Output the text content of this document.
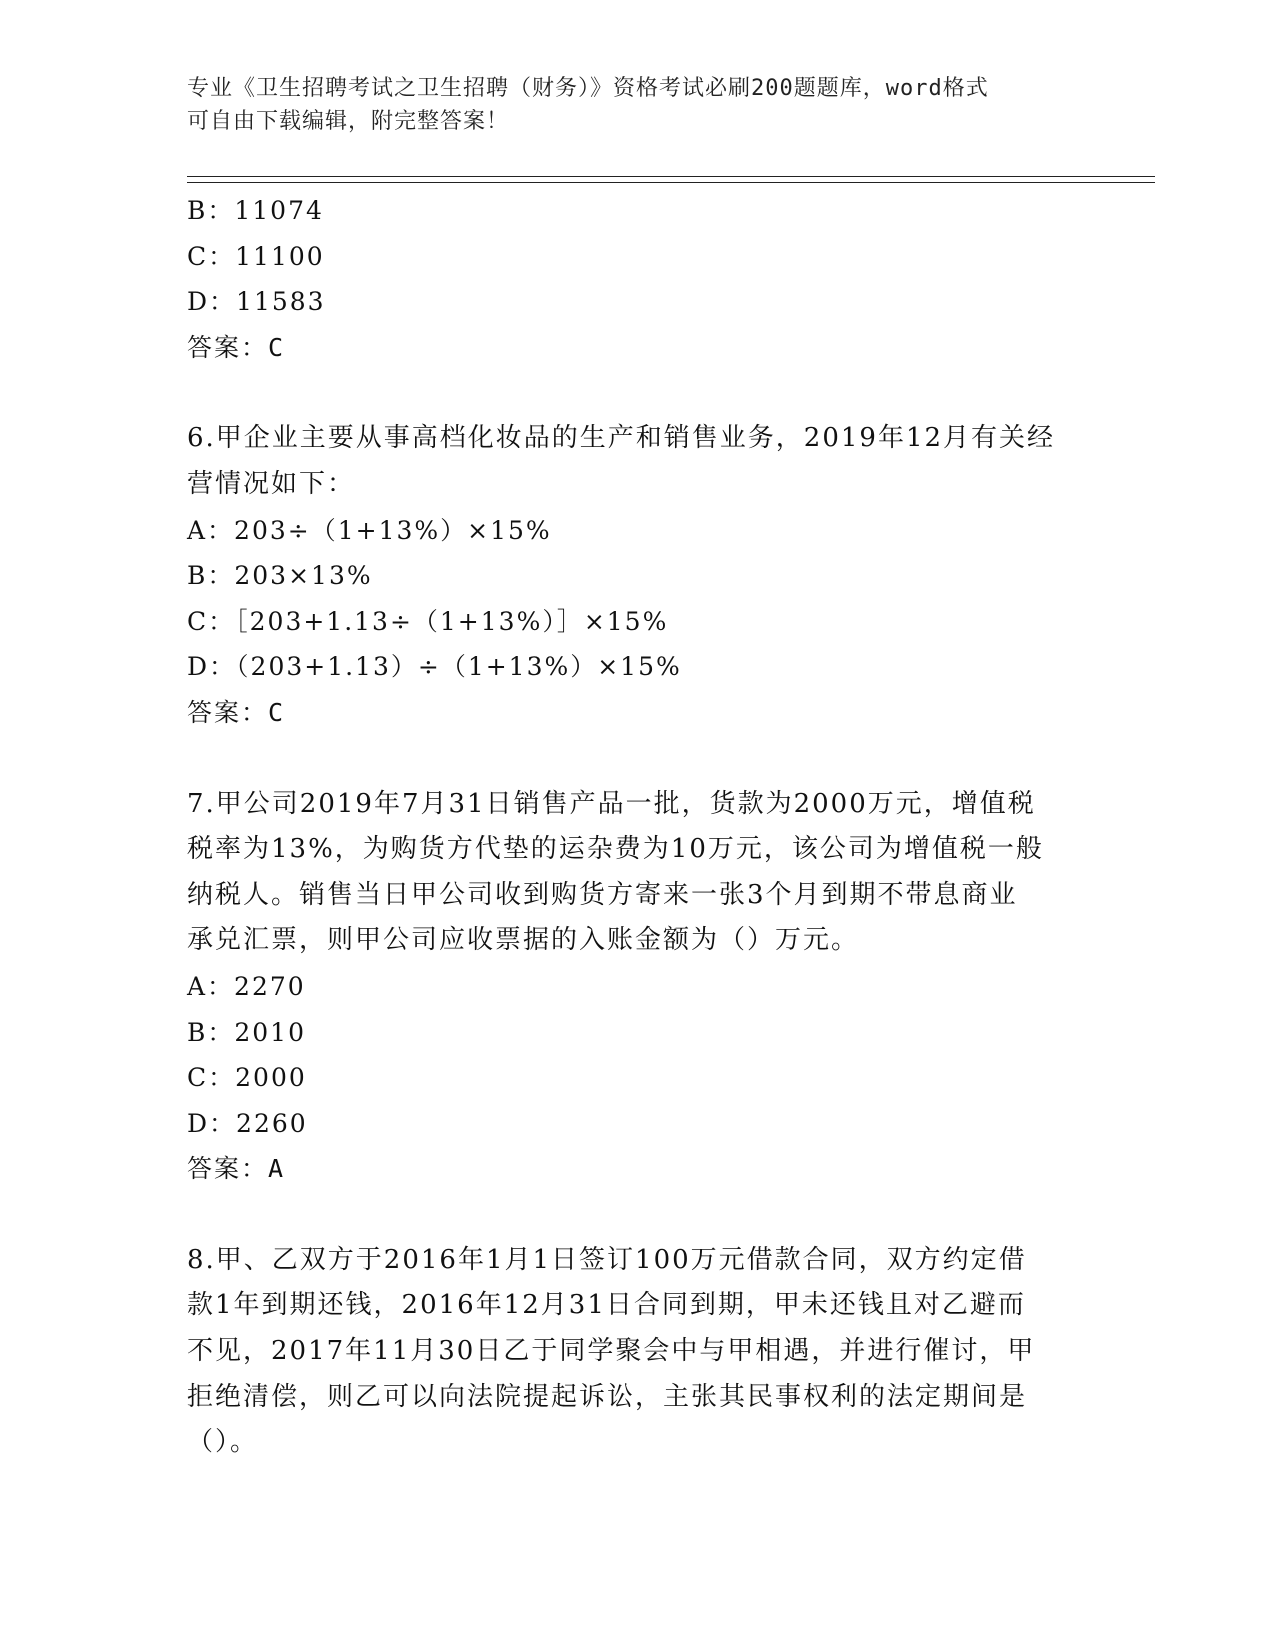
专业《卫生招聘考试之卫生招聘（财务）》资格考试必刷200题题库，word格式
可自由下载编辑，附完整答案！
B：11074
C：11100
D：11583
答案：C
6.甲企业主要从事高档化妆品的生产和销售业务，2019年12月有关经
营情况如下：
A：203÷（1+13%）×15%
B：203×13%
C：［203+1.13÷（1+13%）］×15%
D：（203+1.13）÷（1+13%）×15%
答案：C
7.甲公司2019年7月31日销售产品一批，货款为2000万元，增值税
税率为13%，为购货方代垫的运杂费为10万元，该公司为增值税一般
纳税人。销售当日甲公司收到购货方寄来一张3个月到期不带息商业
承兑汇票，则甲公司应收票据的入账金额为（）万元。
A：2270
B：2010
C：2000
D：2260
答案：A
8.甲、乙双方于2016年1月1日签订100万元借款合同，双方约定借
款1年到期还钱，2016年12月31日合同到期，甲未还钱且对乙避而
不见，2017年11月30日乙于同学聚会中与甲相遇，并进行催讨，甲
拒绝清偿，则乙可以向法院提起诉讼，主张其民事权利的法定期间是
（）。
